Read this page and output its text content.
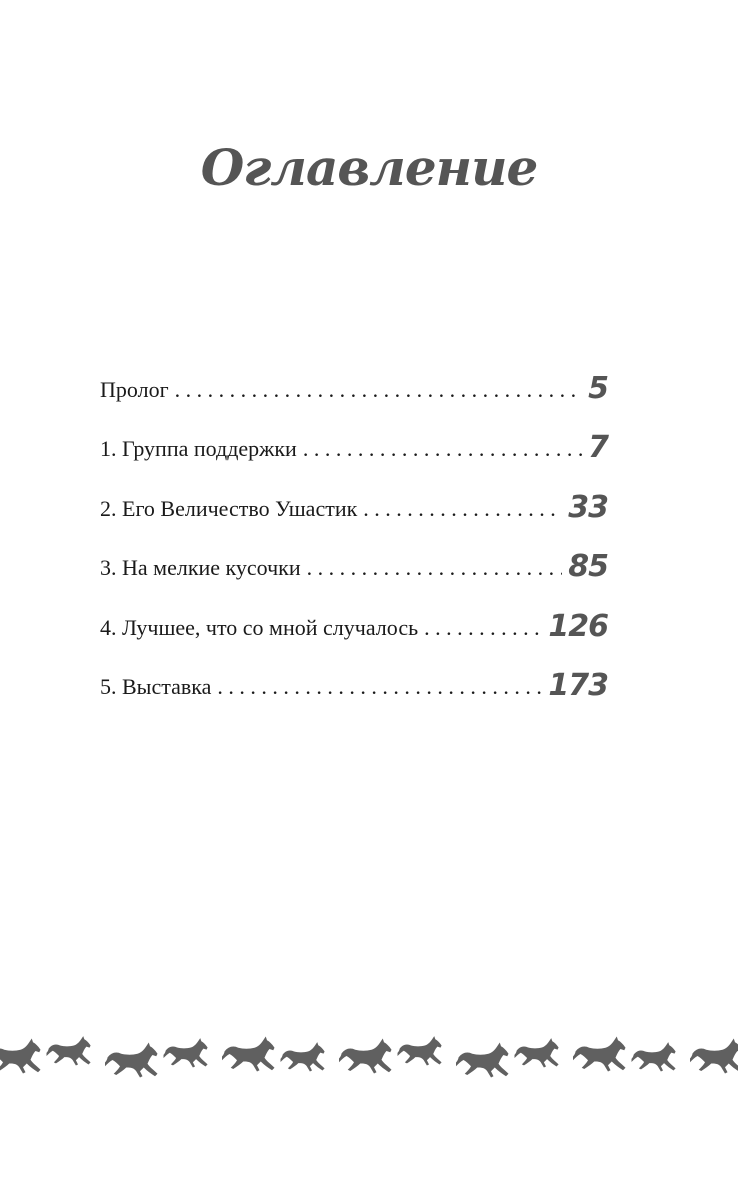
Оглавление
Пролог . . .	5
1. Группа поддержки . . .	7
2. Его Величество Ушастик . . .	33
3. На мелкие кусочки . . .	85
4. Лучшее, что со мной случалось . . .	126
5. Выставка . . .	173
